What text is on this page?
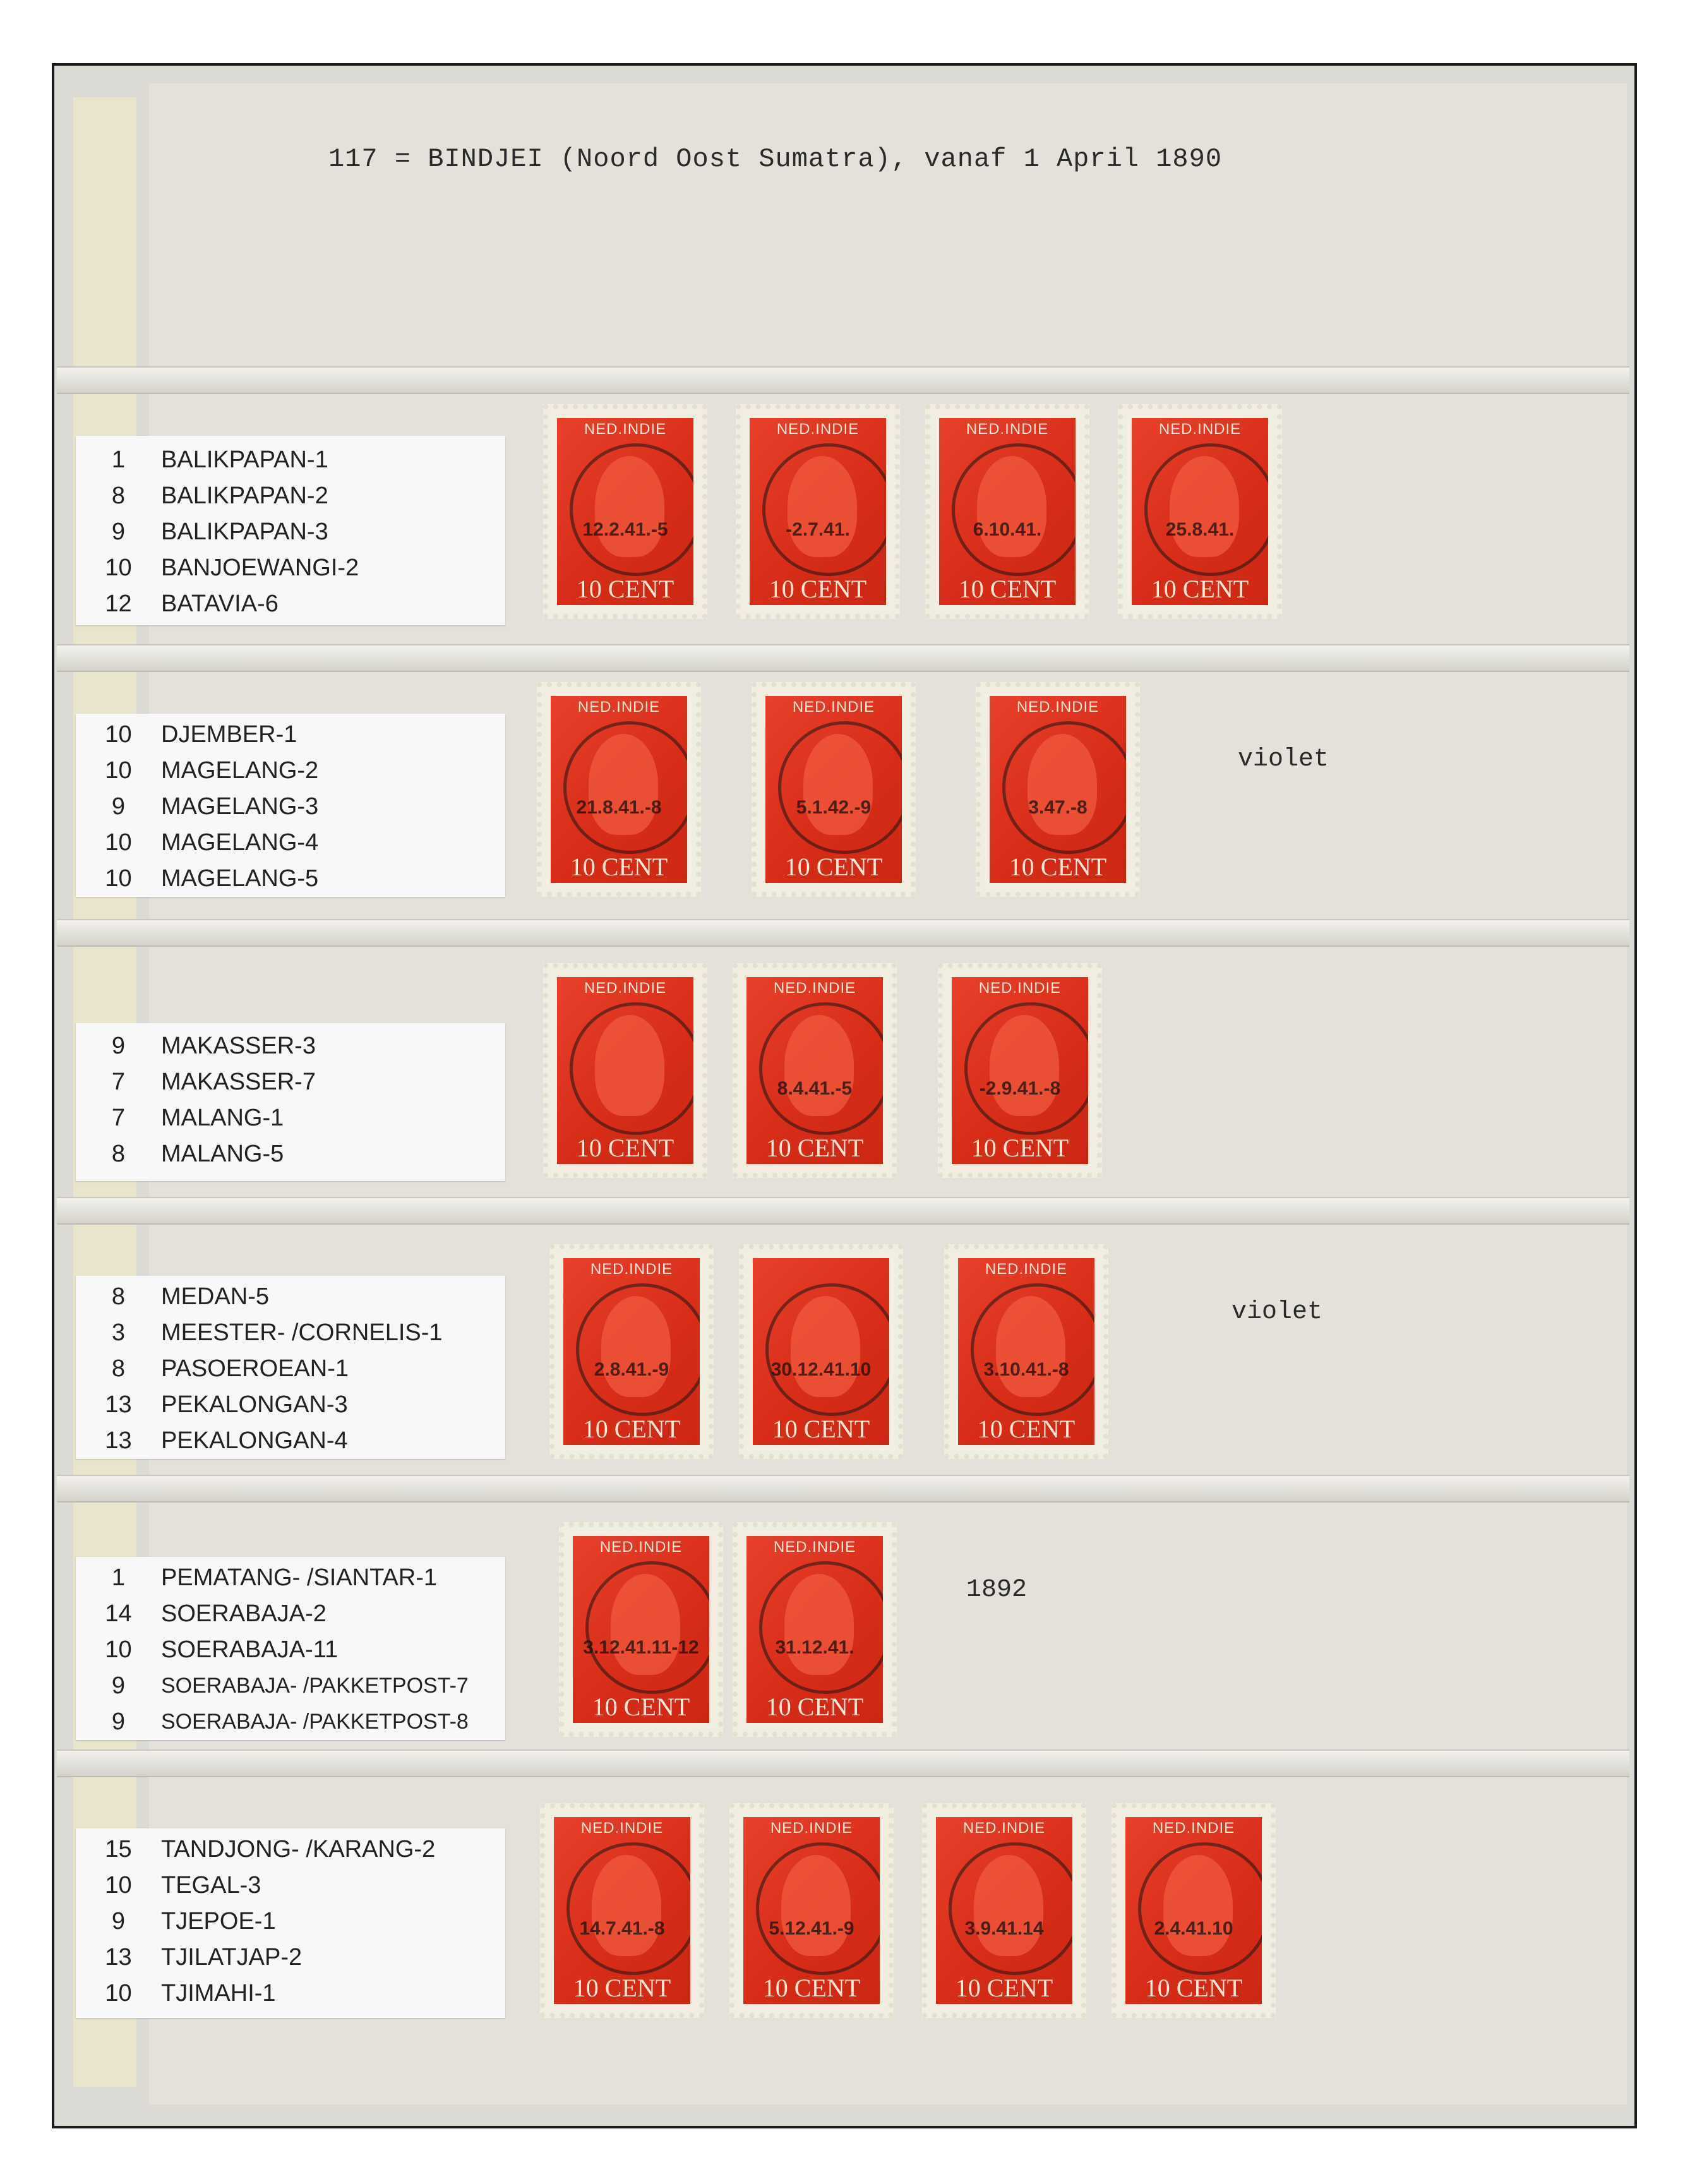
117 = BINDJEI (Noord Oost Sumatra), vanaf 1 April 1890
1	BALIKPAPAN-1
8	BALIKPAPAN-2
9	BALIKPAPAN-3
10	BANJOEWANGI-2
12	BATAVIA-6
NED.INDIE
12.2.41.-5
10 CENT
NED.INDIE
-2.7.41.
10 CENT
NED.INDIE
6.10.41.
10 CENT
NED.INDIE
25.8.41.
10 CENT
10	DJEMBER-1
10	MAGELANG-2
9	MAGELANG-3
10	MAGELANG-4
10	MAGELANG-5
NED.INDIE
21.8.41.-8
10 CENT
NED.INDIE
5.1.42.-9
10 CENT
NED.INDIE
3.47.-8
10 CENT
violet
9	MAKASSER-3
7	MAKASSER-7
7	MALANG-1
8	MALANG-5
NED.INDIE
10 CENT
NED.INDIE
8.4.41.-5
10 CENT
NED.INDIE
-2.9.41.-8
10 CENT
8	MEDAN-5
3	MEESTER- /CORNELIS-1
8	PASOEROEAN-1
13	PEKALONGAN-3
13	PEKALONGAN-4
NED.INDIE
2.8.41.-9
10 CENT
30.12.41.10
10 CENT
NED.INDIE
3.10.41.-8
10 CENT
violet
1	PEMATANG- /SIANTAR-1
14	SOERABAJA-2
10	SOERABAJA-11
9	SOERABAJA- /PAKKETPOST-7
9	SOERABAJA- /PAKKETPOST-8
NED.INDIE
3.12.41.11-12
10 CENT
NED.INDIE
31.12.41.
10 CENT
1892
15	TANDJONG- /KARANG-2
10	TEGAL-3
9	TJEPOE-1
13	TJILATJAP-2
10	TJIMAHI-1
NED.INDIE
14.7.41.-8
10 CENT
NED.INDIE
5.12.41.-9
10 CENT
NED.INDIE
3.9.41.14
10 CENT
NED.INDIE
2.4.41.10
10 CENT
